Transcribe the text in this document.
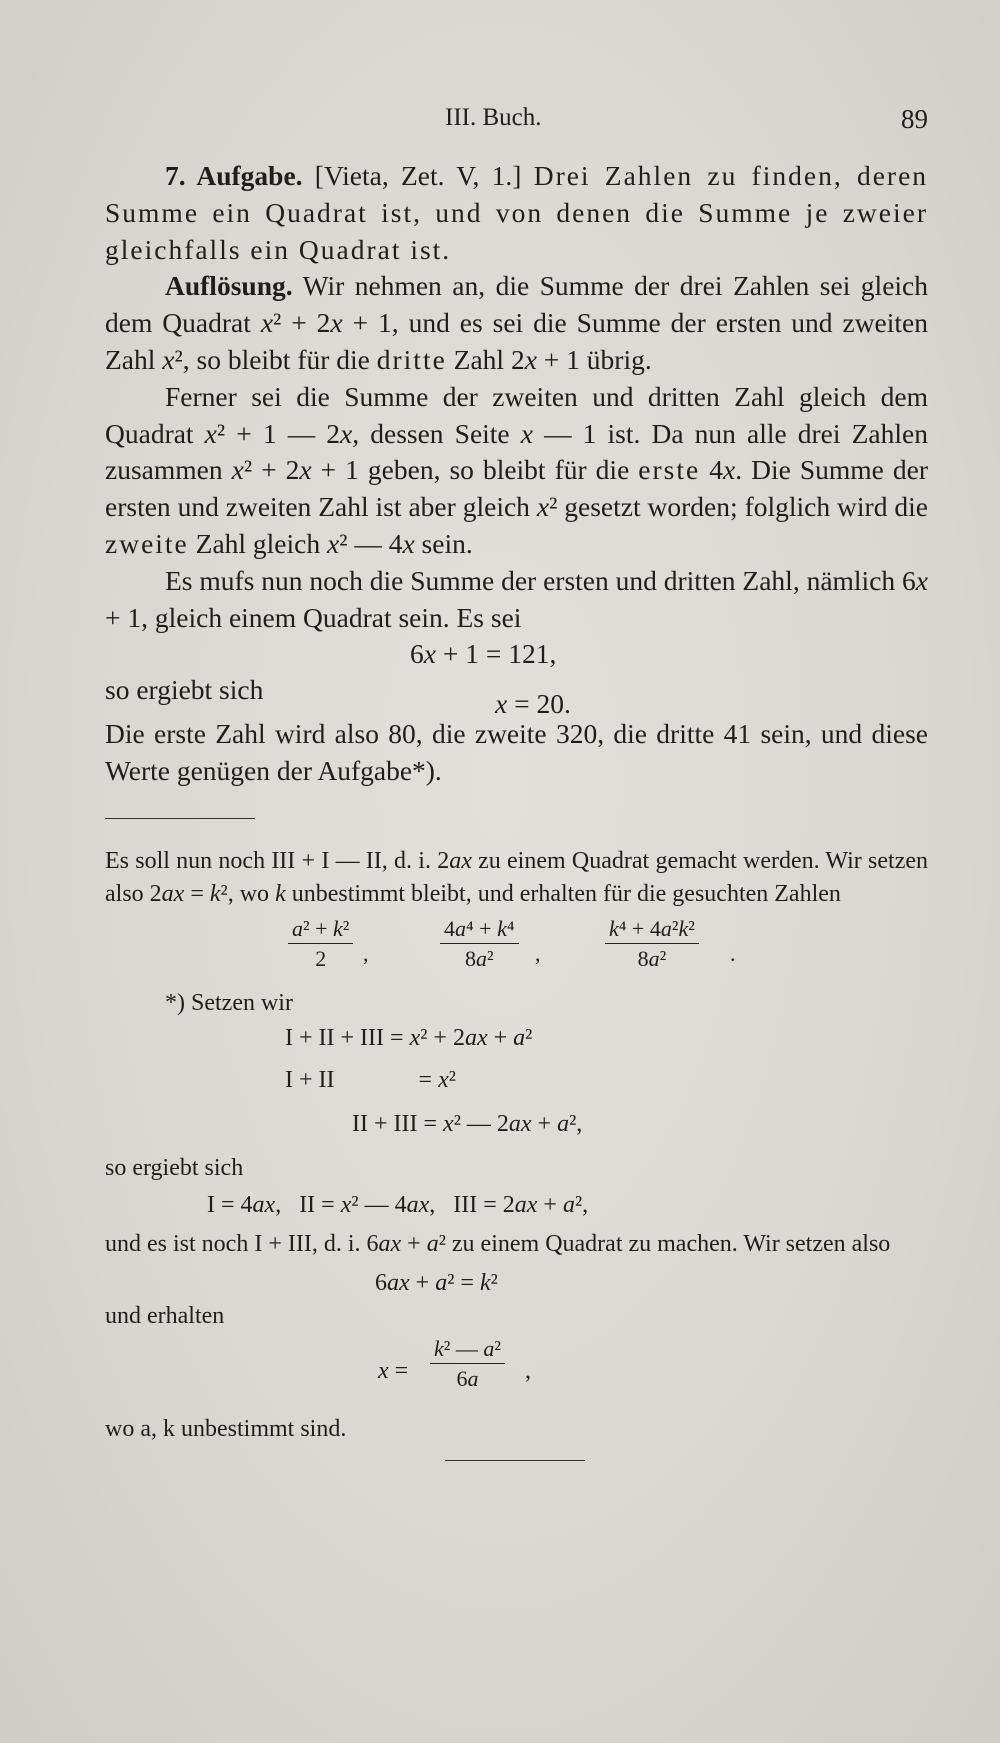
III. Buch.	89

7. Aufgabe. [Vieta, Zet. V, 1.] Drei Zahlen zu finden, deren Summe ein Quadrat ist, und von denen die Summe je zweier gleichfalls ein Quadrat ist.

Auflösung. Wir nehmen an, die Summe der drei Zahlen sei gleich dem Quadrat x² + 2x + 1, und es sei die Summe der ersten und zweiten Zahl x², so bleibt für die dritte Zahl 2x + 1 übrig.

Ferner sei die Summe der zweiten und dritten Zahl gleich dem Quadrat x² + 1 — 2x, dessen Seite x — 1 ist. Da nun alle drei Zahlen zusammen x² + 2x + 1 geben, so bleibt für die erste 4x. Die Summe der ersten und zweiten Zahl ist aber gleich x² gesetzt worden; folglich wird die zweite Zahl gleich x² — 4x sein.

Es mufs nun noch die Summe der ersten und dritten Zahl, nämlich 6x + 1, gleich einem Quadrat sein. Es sei

6x + 1 = 121,
so ergiebt sich	x = 20.

Die erste Zahl wird also 80, die zweite 320, die dritte 41 sein, und diese Werte genügen der Aufgabe*).

Es soll nun noch III + I — II, d. i. 2ax zu einem Quadrat gemacht werden. Wir setzen also 2ax = k², wo k unbestimmt bleibt, und erhalten für die gesuchten Zahlen

$\frac{\text{a² + k²}}{2}$ ,	$\frac{\text{4a⁴ + k⁴}}{\text{8a²}}$ ,	$\frac{\text{k⁴ + 4a²k²}}{\text{8a²}}$ .
*) Setzen wir
I + II + III = x² + 2ax + a²
I + II	= x²
II + III = x² — 2ax + a²,
so ergiebt sich
I = 4ax,   II = x² — 4ax,   III = 2ax + a²,

und es ist noch I + III, d. i. 6ax + a² zu einem Quadrat zu machen. Wir setzen also

6ax + a² = k²
und erhalten
$x = \frac{\text{k² — a²}}{6a}$ ,
wo a, k unbestimmt sind.
